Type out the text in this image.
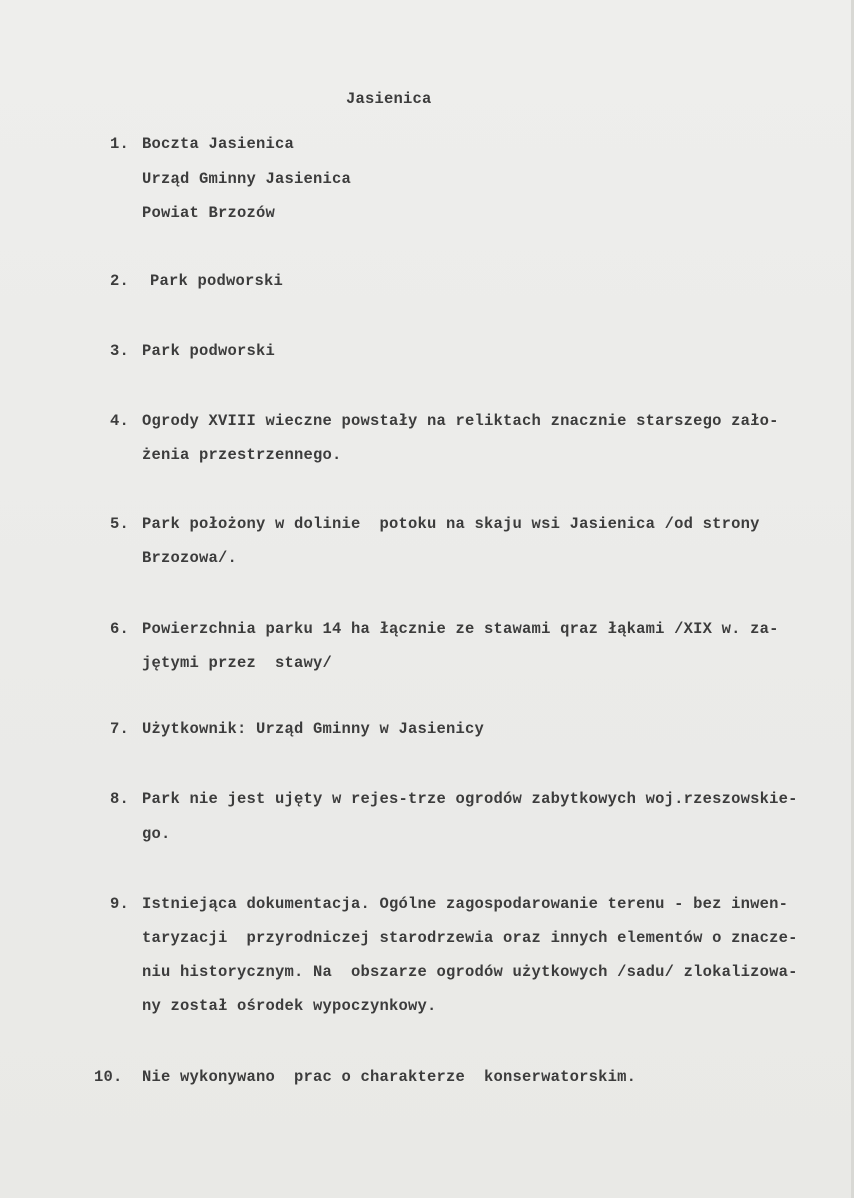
Jasienica
1. Boczta Jasienica
Urząd Gminny Jasienica
Powiat Brzozów
2. Park podworski
3. Park podworski
4. Ogrody XVIII wieczne powstały na reliktach znacznie starszego zało-
żenia przestrzennego.
5. Park położony w dolinie  potoku na skaju wsi Jasienica /od strony
Brzozowa/.
6. Powierzchnia parku 14 ha łącznie ze stawami qraz łąkami /XIX w. za-
jętymi przez  stawy/
7. Użytkownik: Urząd Gminny w Jasienicy
8. Park nie jest ujęty w rejes-trze ogrodów zabytkowych woj.rzeszowskie-
go.
9. Istniejąca dokumentacja. Ogólne zagospodarowanie terenu - bez inwen-
taryzacji  przyrodniczej starodrzewia oraz innych elementów o znacze-
niu historycznym. Na  obszarze ogrodów użytkowych /sadu/ zlokalizowa-
ny został ośrodek wypoczynkowy.
10. Nie wykonywano  prac o charakterze  konserwatorskim.
